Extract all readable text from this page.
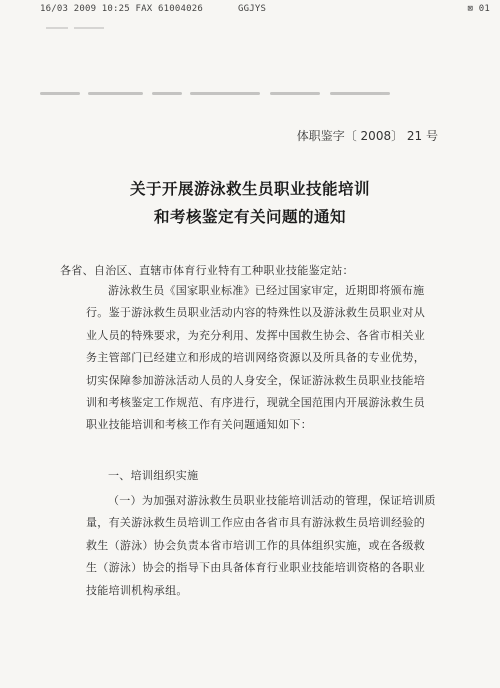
16/03 2009 10:25 FAX 61004026	GGJYS	⊠ 01
体职鉴字〔 2008〕 21 号
关于开展游泳救生员职业技能培训
和考核鉴定有关问题的通知
各省、自治区、直辖市体育行业特有工种职业技能鉴定站：
游泳救生员《国家职业标准》已经过国家审定，近期即将颁布施行。鉴于游泳救生员职业活动内容的特殊性以及游泳救生员职业对从业人员的特殊要求，为充分利用、发挥中国救生协会、各省市相关业务主管部门已经建立和形成的培训网络资源以及所具备的专业优势，切实保障参加游泳活动人员的人身安全，保证游泳救生员职业技能培训和考核鉴定工作规范、有序进行，现就全国范围内开展游泳救生员职业技能培训和考核工作有关问题通知如下：
一、培训组织实施
（一）为加强对游泳救生员职业技能培训活动的管理，保证培训质量，有关游泳救生员培训工作应由各省市具有游泳救生员培训经验的救生（游泳）协会负责本省市培训工作的具体组织实施，或在各级救生（游泳）协会的指导下由具备体育行业职业技能培训资格的各职业技能培训机构承组。
